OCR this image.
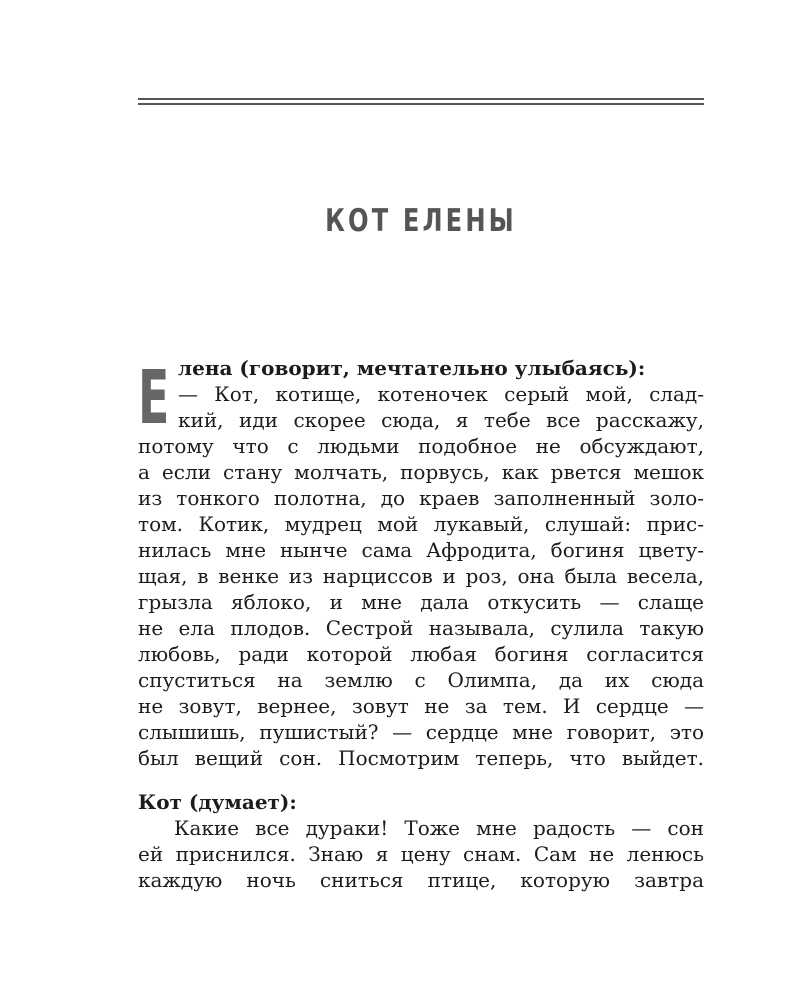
КОТ ЕЛЕНЫ
Е лена (говорит, мечтательно улыбаясь):
— Кот, котище, котеночек серый мой, слад-
кий, иди скорее сюда, я тебе все расскажу,
потому что с людьми подобное не обсуждают,
а если стану молчать, порвусь, как рвется мешок
из тонкого полотна, до краев заполненный золо-
том. Котик, мудрец мой лукавый, слушай: прис-
нилась мне нынче сама Афродита, богиня цвету-
щая, в венке из нарциссов и роз, она была весела,
грызла яблоко, и мне дала откусить — слаще
не ела плодов. Сестрой называла, сулила такую
любовь, ради которой любая богиня согласится
спуститься на землю с Олимпа, да их сюда
не зовут, вернее, зовут не за тем. И сердце —
слышишь, пушистый? — сердце мне говорит, это
был вещий сон. Посмотрим теперь, что выйдет.
Кот (думает):
Какие все дураки! Тоже мне радость — сон
ей приснился. Знаю я цену снам. Сам не ленюсь
каждую ночь сниться птице, которую завтра
